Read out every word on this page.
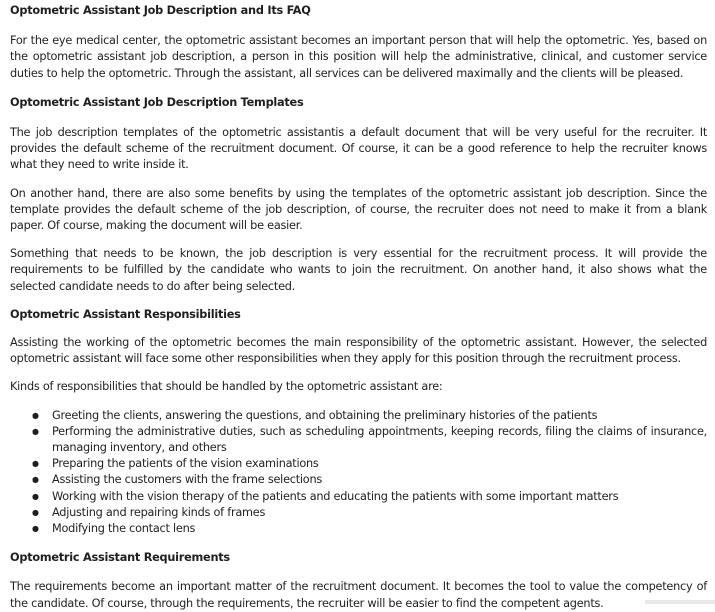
Optometric Assistant Job Description and Its FAQ

For the eye medical center, the optometric assistant becomes an important person that will help the optometric. Yes, based on the optometric assistant job description, a person in this position will help the administrative, clinical, and customer service duties to help the optometric. Through the assistant, all services can be delivered maximally and the clients will be pleased.

Optometric Assistant Job Description Templates

The job description templates of the optometric assistantis a default document that will be very useful for the recruiter. It provides the default scheme of the recruitment document. Of course, it can be a good reference to help the recruiter knows what they need to write inside it.

On another hand, there are also some benefits by using the templates of the optometric assistant job description. Since the template provides the default scheme of the job description, of course, the recruiter does not need to make it from a blank paper. Of course, making the document will be easier.

Something that needs to be known, the job description is very essential for the recruitment process. It will provide the requirements to be fulfilled by the candidate who wants to join the recruitment. On another hand, it also shows what the selected candidate needs to do after being selected.

Optometric Assistant Responsibilities

Assisting the working of the optometric becomes the main responsibility of the optometric assistant. However, the selected optometric assistant will face some other responsibilities when they apply for this position through the recruitment process.

Kinds of responsibilities that should be handled by the optometric assistant are:

● Greeting the clients, answering the questions, and obtaining the preliminary histories of the patients
● Performing the administrative duties, such as scheduling appointments, keeping records, filing the claims of insurance, managing inventory, and others
● Preparing the patients of the vision examinations
● Assisting the customers with the frame selections
● Working with the vision therapy of the patients and educating the patients with some important matters
● Adjusting and repairing kinds of frames
● Modifying the contact lens

Optometric Assistant Requirements

The requirements become an important matter of the recruitment document. It becomes the tool to value the competency of the candidate. Of course, through the requirements, the recruiter will be easier to find the competent agents.
